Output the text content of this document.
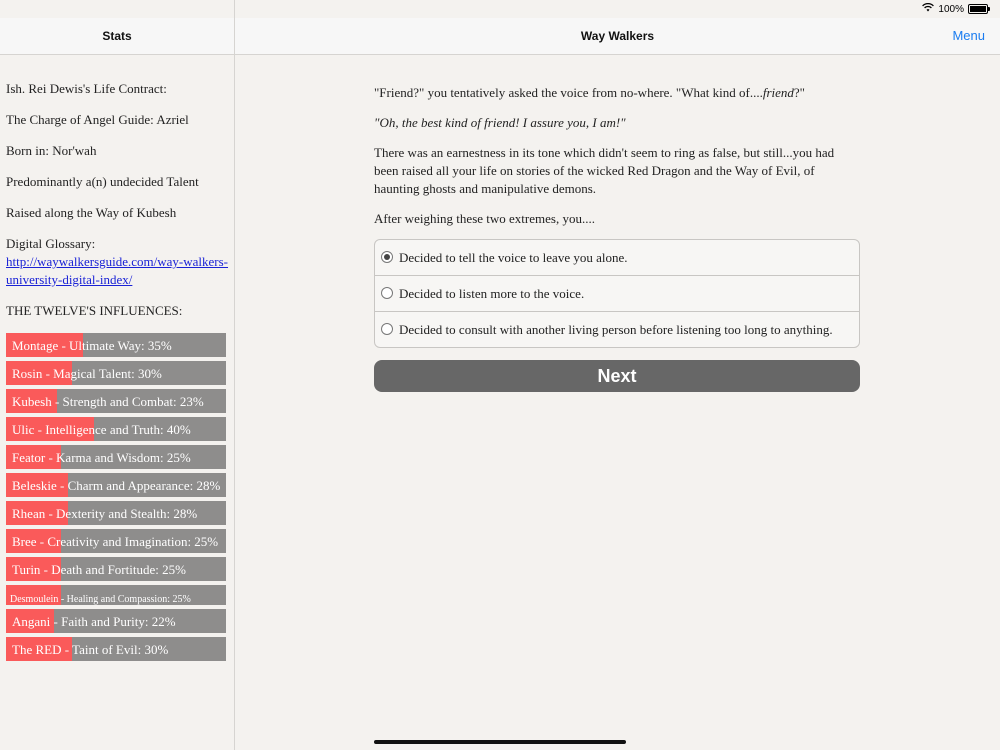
100%
Stats	Way Walkers	Menu

Ish. Rei Dewis's Life Contract:

The Charge of Angel Guide: Azriel

Born in: Nor'wah

Predominantly a(n) undecided Talent

Raised along the Way of Kubesh

Digital Glossary:
http://waywalkersguide.com/way-walkers-university-digital-index/

THE TWELVE'S INFLUENCES:

Montage - Ultimate Way: 35%
Rosin - Magical Talent: 30%
Kubesh - Strength and Combat: 23%
Ulic - Intelligence and Truth: 40%
Feator - Karma and Wisdom: 25%
Beleskie - Charm and Appearance: 28%
Rhean - Dexterity and Stealth: 28%
Bree - Creativity and Imagination: 25%
Turin - Death and Fortitude: 25%
Desmoulein - Healing and Compassion: 25%
Angani - Faith and Purity: 22%
The RED - Taint of Evil: 30%

"Friend?" you tentatively asked the voice from no-where. "What kind of....friend?"

"Oh, the best kind of friend! I assure you, I am!"

There was an earnestness in its tone which didn't seem to ring as false, but still...you had been raised all your life on stories of the wicked Red Dragon and the Way of Evil, of haunting ghosts and manipulative demons.

After weighing these two extremes, you....

Decided to tell the voice to leave you alone.
Decided to listen more to the voice.
Decided to consult with another living person before listening too long to anything.
Next
